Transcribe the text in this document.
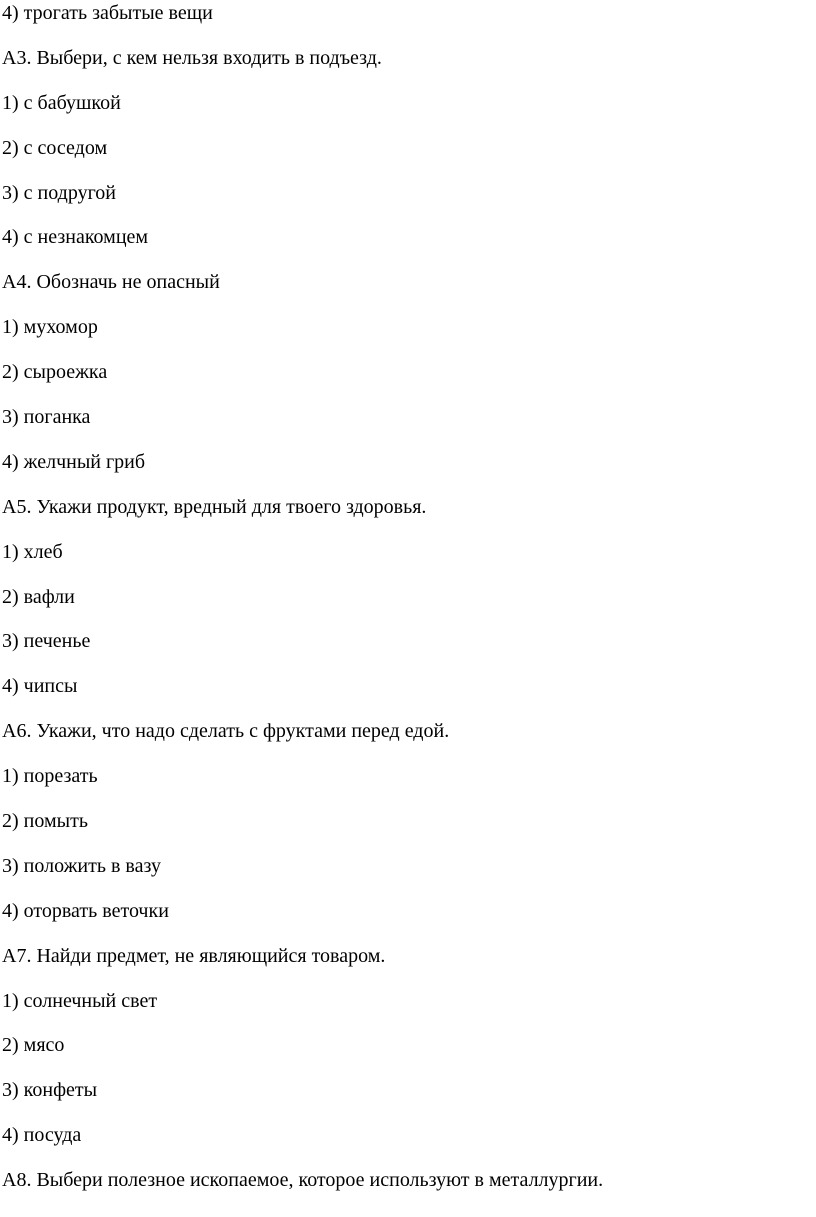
4) трогать забытые вещи
А3. Выбери, с кем нельзя входить в подъезд.
1) с бабушкой
2) с соседом
3) с подругой
4) с незнакомцем
А4. Обозначь не опасный
1) мухомор
2) сыроежка
3) поганка
4) желчный гриб
А5. Укажи продукт, вредный для твоего здоровья.
1) хлеб
2) вафли
3) печенье
4) чипсы
А6. Укажи, что надо сделать с фруктами перед едой.
1) порезать
2) помыть
3) положить в вазу
4) оторвать веточки
А7. Найди предмет, не являющийся товаром.
1) солнечный свет
2) мясо
3) конфеты
4) посуда
А8. Выбери полезное ископаемое, которое используют в металлургии.
